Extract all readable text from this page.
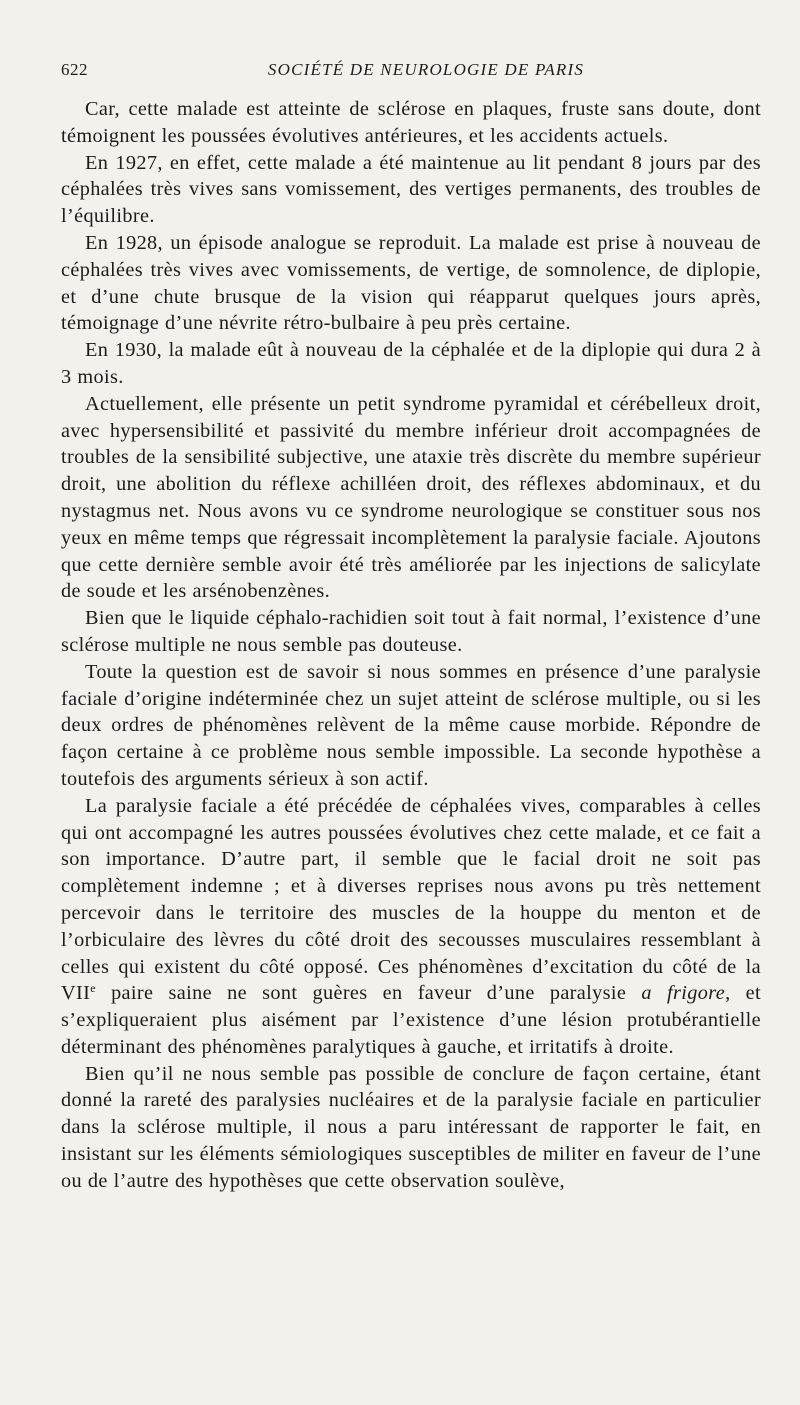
622	SOCIÉTÉ DE NEUROLOGIE DE PARIS

Car, cette malade est atteinte de sclérose en plaques, fruste sans doute, dont témoignent les poussées évolutives antérieures, et les accidents actuels.

En 1927, en effet, cette malade a été maintenue au lit pendant 8 jours par des céphalées très vives sans vomissement, des vertiges permanents, des troubles de l’équilibre.

En 1928, un épisode analogue se reproduit. La malade est prise à nouveau de céphalées très vives avec vomissements, de vertige, de somnolence, de diplopie, et d’une chute brusque de la vision qui réapparut quelques jours après, témoignage d’une névrite rétro-bulbaire à peu près certaine.

En 1930, la malade eût à nouveau de la céphalée et de la diplopie qui dura 2 à 3 mois.

Actuellement, elle présente un petit syndrome pyramidal et cérébelleux droit, avec hypersensibilité et passivité du membre inférieur droit accompagnées de troubles de la sensibilité subjective, une ataxie très discrète du membre supérieur droit, une abolition du réflexe achilléen droit, des réflexes abdominaux, et du nystagmus net. Nous avons vu ce syndrome neurologique se constituer sous nos yeux en même temps que régressait incomplètement la paralysie faciale. Ajoutons que cette dernière semble avoir été très améliorée par les injections de salicylate de soude et les arsénobenzènes.

Bien que le liquide céphalo-rachidien soit tout à fait normal, l’existence d’une sclérose multiple ne nous semble pas douteuse.

Toute la question est de savoir si nous sommes en présence d’une paralysie faciale d’origine indéterminée chez un sujet atteint de sclérose multiple, ou si les deux ordres de phénomènes relèvent de la même cause morbide. Répondre de façon certaine à ce problème nous semble impossible. La seconde hypothèse a toutefois des arguments sérieux à son actif.

La paralysie faciale a été précédée de céphalées vives, comparables à celles qui ont accompagné les autres poussées évolutives chez cette malade, et ce fait a son importance. D’autre part, il semble que le facial droit ne soit pas complètement indemne ; et à diverses reprises nous avons pu très nettement percevoir dans le territoire des muscles de la houppe du menton et de l’orbiculaire des lèvres du côté droit des secousses musculaires ressemblant à celles qui existent du côté opposé. Ces phénomènes d’excitation du côté de la VIIe paire saine ne sont guères en faveur d’une paralysie a frigore, et s’expliqueraient plus aisément par l’existence d’une lésion protubérantielle déterminant des phénomènes paralytiques à gauche, et irritatifs à droite.

Bien qu’il ne nous semble pas possible de conclure de façon certaine, étant donné la rareté des paralysies nucléaires et de la paralysie faciale en particulier dans la sclérose multiple, il nous a paru intéressant de rapporter le fait, en insistant sur les éléments sémiologiques susceptibles de militer en faveur de l’une ou de l’autre des hypothèses que cette observation soulève,
